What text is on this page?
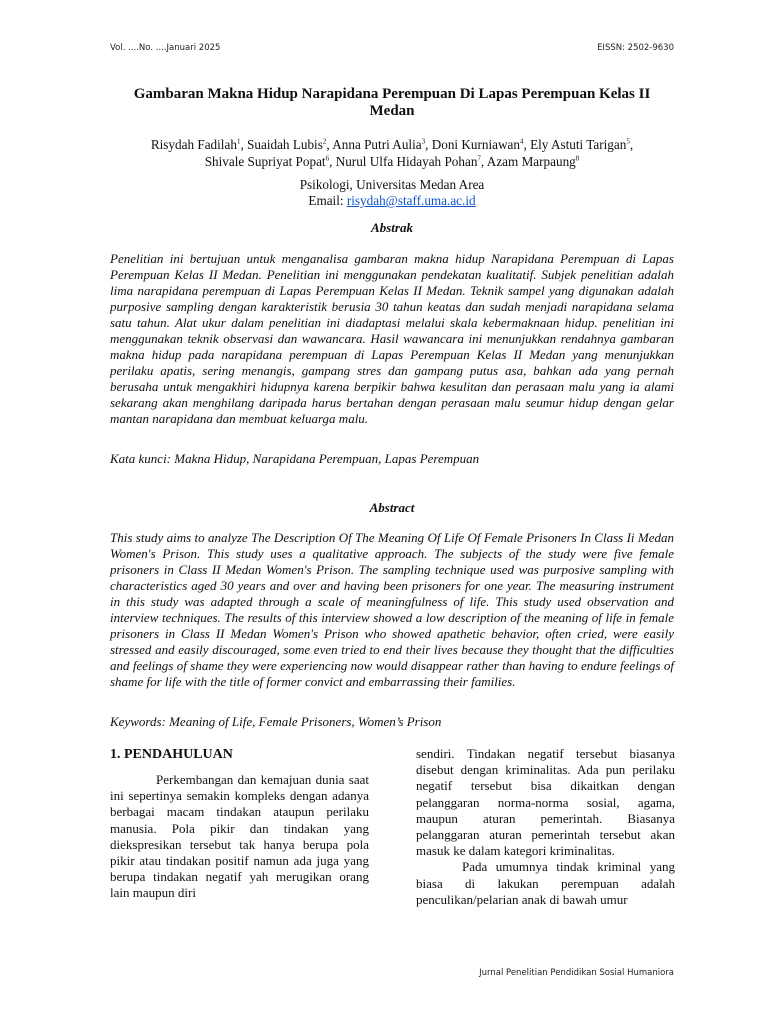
Vol. ....No. ....Januari 2025	EISSN: 2502-9630
Gambaran Makna Hidup Narapidana Perempuan Di Lapas Perempuan Kelas II
Medan
Risydah Fadilah$^1$, Suaidah Lubis$^2$, Anna Putri Aulia$^3$, Doni Kurniawan$^4$, Ely Astuti Tarigan$^5$,
Shivale Supriyat Popat$^6$, Nurul Ulfa Hidayah Pohan$^7$, Azam Marpaung$^8$
Psikologi, Universitas Medan Area
Email: risydah@staff.uma.ac.id
Abstrak

Penelitian ini bertujuan untuk menganalisa gambaran makna hidup Narapidana Perempuan di Lapas Perempuan Kelas II Medan. Penelitian ini menggunakan pendekatan kualitatif. Subjek penelitian adalah lima narapidana perempuan di Lapas Perempuan Kelas II Medan. Teknik sampel yang digunakan adalah purposive sampling dengan karakteristik berusia 30 tahun keatas dan sudah menjadi narapidana selama satu tahun. Alat ukur dalam penelitian ini diadaptasi melalui skala kebermaknaan hidup. penelitian ini menggunakan teknik observasi dan wawancara. Hasil wawancara ini menunjukkan rendahnya gambaran makna hidup pada narapidana perempuan di Lapas Perempuan Kelas II Medan yang menunjukkan perilaku apatis, sering menangis, gampang stres dan gampang putus asa, bahkan ada yang pernah berusaha untuk mengakhiri hidupnya karena berpikir bahwa kesulitan dan perasaan malu yang ia alami sekarang akan menghilang daripada harus bertahan dengan perasaan malu seumur hidup dengan gelar mantan narapidana dan membuat keluarga malu.

Kata kunci: Makna Hidup, Narapidana Perempuan, Lapas Perempuan

Abstract

This study aims to analyze The Description Of The Meaning Of Life Of Female Prisoners In Class Ii Medan Women's Prison. This study uses a qualitative approach. The subjects of the study were five female prisoners in Class II Medan Women's Prison. The sampling technique used was purposive sampling with characteristics aged 30 years and over and having been prisoners for one year. The measuring instrument in this study was adapted through a scale of meaningfulness of life. This study used observation and interview techniques. The results of this interview showed a low description of the meaning of life in female prisoners in Class II Medan Women's Prison who showed apathetic behavior, often cried, were easily stressed and easily discouraged, some even tried to end their lives because they thought that the difficulties and feelings of shame they were experiencing now would disappear rather than having to endure feelings of shame for life with the title of former convict and embarrassing their families.

Keywords: Meaning of Life, Female Prisoners, Women’s Prison

1. PENDAHULUAN

Perkembangan dan kemajuan dunia saat ini sepertinya semakin kompleks dengan adanya berbagai macam tindakan ataupun perilaku manusia. Pola pikir dan tindakan yang diekspresikan tersebut tak hanya berupa pola pikir atau tindakan positif namun ada juga yang berupa tindakan negatif yah merugikan orang lain maupun diri

sendiri. Tindakan negatif tersebut biasanya disebut dengan kriminalitas. Ada pun perilaku negatif tersebut bisa dikaitkan dengan pelanggaran norma-norma sosial, agama, maupun aturan pemerintah. Biasanya pelanggaran aturan pemerintah tersebut akan masuk ke dalam kategori kriminalitas.

Pada umumnya tindak kriminal yang biasa di lakukan perempuan adalah penculikan/pelarian anak di bawah umur

Jurnal Penelitian Pendidikan Sosial Humaniora
